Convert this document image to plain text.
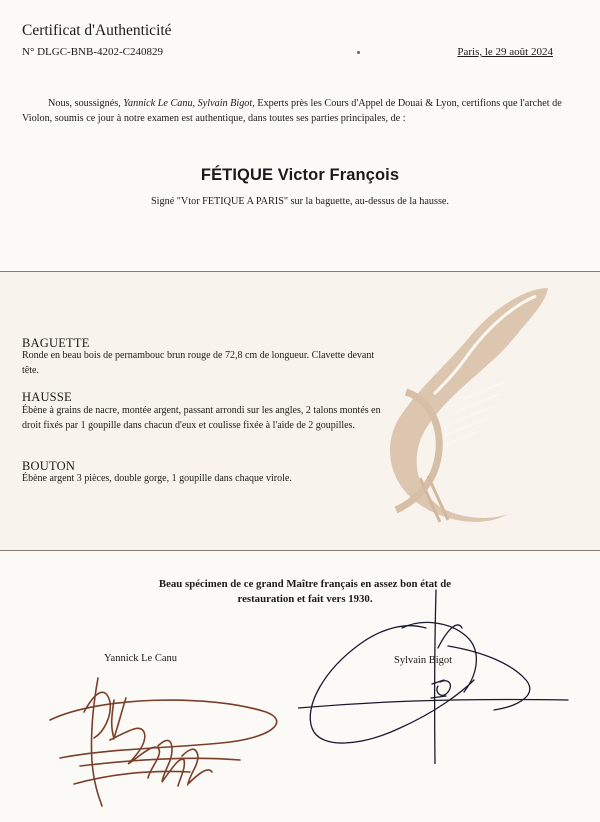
Certificat d'Authenticité
N° DLGC-BNB-4202-C240829	Paris, le 29 août 2024

Nous, soussignés, Yannick Le Canu, Sylvain Bigot, Experts près les Cours d'Appel de Douai & Lyon, certifions que l'archet de Violon, soumis ce jour à notre examen est authentique, dans toutes ses parties principales, de :

FÉTIQUE Victor François
Signé "Vtor FETIQUE A PARIS" sur la baguette, au-dessus de la hausse.
BAGUETTE
Ronde en beau bois de pernambouc brun rouge de 72,8 cm de longueur. Clavette devant tête.
HAUSSE
Ébène à grains de nacre, montée argent, passant arrondi sur les angles, 2 talons montés en droit fixés par 1 goupille dans chacun d'eux et coulisse fixée à l'aide de 2 goupilles.
BOUTON
Ébène argent 3 pièces, double gorge, 1 goupille dans chaque virole.
Beau spécimen de ce grand Maître français en assez bon état de
restauration et fait vers 1930.
Yannick Le Canu	Sylvain Bigot
